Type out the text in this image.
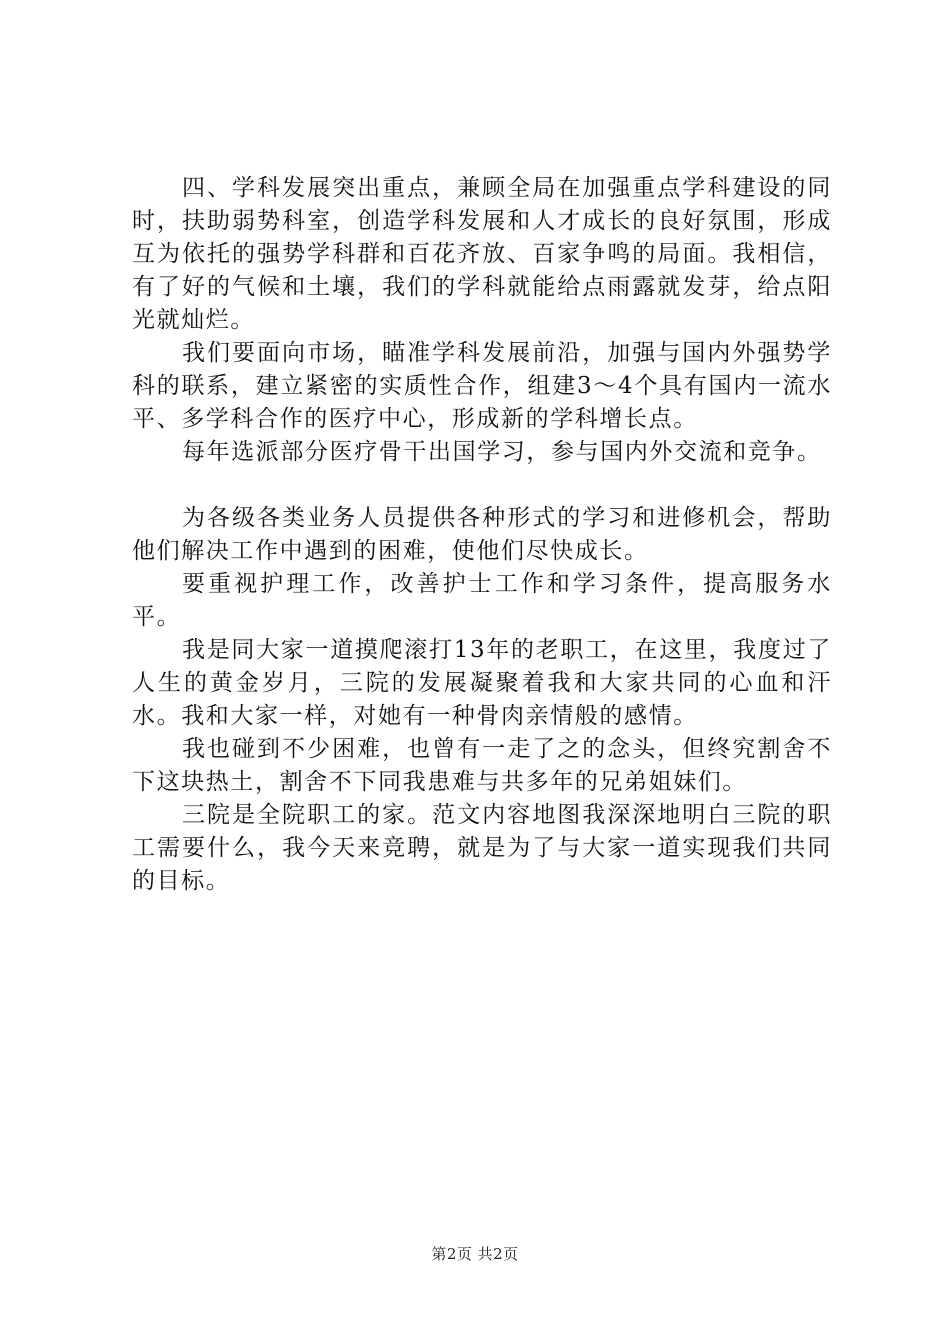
四、学科发展突出重点，兼顾全局在加强重点学科建设的同时，扶助弱势科室，创造学科发展和人才成长的良好氛围，形成互为依托的强势学科群和百花齐放、百家争鸣的局面。我相信，有了好的气候和土壤，我们的学科就能给点雨露就发芽，给点阳光就灿烂。

我们要面向市场，瞄准学科发展前沿，加强与国内外强势学科的联系，建立紧密的实质性合作，组建3～4个具有国内一流水平、多学科合作的医疗中心，形成新的学科增长点。

每年选派部分医疗骨干出国学习，参与国内外交流和竞争。

为各级各类业务人员提供各种形式的学习和进修机会，帮助他们解决工作中遇到的困难，使他们尽快成长。

要重视护理工作，改善护士工作和学习条件，提高服务水平。

我是同大家一道摸爬滚打13年的老职工，在这里，我度过了人生的黄金岁月，三院的发展凝聚着我和大家共同的心血和汗水。我和大家一样，对她有一种骨肉亲情般的感情。

我也碰到不少困难，也曾有一走了之的念头，但终究割舍不下这块热土，割舍不下同我患难与共多年的兄弟姐妹们。

三院是全院职工的家。范文内容地图我深深地明白三院的职工需要什么，我今天来竞聘，就是为了与大家一道实现我们共同的目标。

第2页 共2页
